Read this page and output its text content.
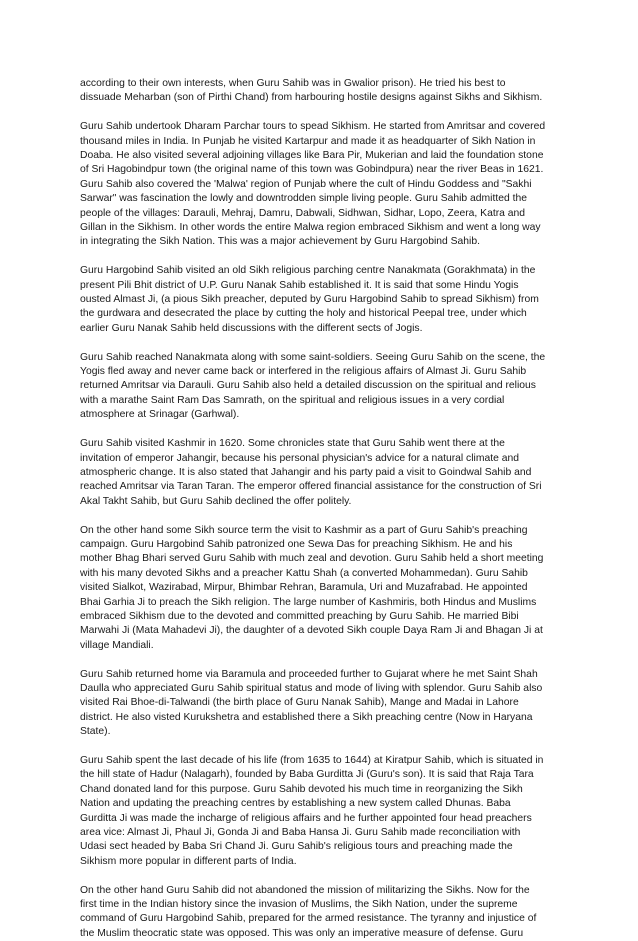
according to their own interests, when Guru Sahib was in Gwalior prison). He tried his best to
dissuade Meharban (son of Pirthi Chand) from harbouring hostile designs against Sikhs and Sikhism.

Guru Sahib undertook Dharam Parchar tours to spead Sikhism. He started from Amritsar and covered
thousand miles in India. In Punjab he visited Kartarpur and made it as headquarter of Sikh Nation in
Doaba. He also visited several adjoining villages like Bara Pir, Mukerian and laid the foundation stone
of Sri Hagobindpur town (the original name of this town was Gobindpura) near the river Beas in 1621.
Guru Sahib also covered the 'Malwa' region of Punjab where the cult of Hindu Goddess and "Sakhi
Sarwar" was fascination the lowly and downtrodden simple living people. Guru Sahib admitted the
people of the villages: Darauli, Mehraj, Damru, Dabwali, Sidhwan, Sidhar, Lopo, Zeera, Katra and
Gillan in the Sikhism. In other words the entire Malwa region embraced Sikhism and went a long way
in integrating the Sikh Nation. This was a major achievement by Guru Hargobind Sahib.

Guru Hargobind Sahib visited an old Sikh religious parching centre Nanakmata (Gorakhmata) in the
present Pili Bhit district of U.P. Guru Nanak Sahib established it. It is said that some Hindu Yogis
ousted Almast Ji, (a pious Sikh preacher, deputed by Guru Hargobind Sahib to spread Sikhism) from
the gurdwara and desecrated the place by cutting the holy and historical Peepal tree, under which
earlier Guru Nanak Sahib held discussions with the different sects of Jogis.

Guru Sahib reached Nanakmata along with some saint-soldiers. Seeing Guru Sahib on the scene, the
Yogis fled away and never came back or interfered in the religious affairs of Almast Ji. Guru Sahib
returned Amritsar via Darauli. Guru Sahib also held a detailed discussion on the spiritual and relious
with a marathe Saint Ram Das Samrath, on the spiritual and religious issues in a very cordial
atmosphere at Srinagar (Garhwal).

Guru Sahib visited Kashmir in 1620. Some chronicles state that Guru Sahib went there at the
invitation of emperor Jahangir, because his personal physician's advice for a natural climate and
atmospheric change. It is also stated that Jahangir and his party paid a visit to Goindwal Sahib and
reached Amritsar via Taran Taran. The emperor offered financial assistance for the construction of Sri
Akal Takht Sahib, but Guru Sahib declined the offer politely.

On the other hand some Sikh source term the visit to Kashmir as a part of Guru Sahib's preaching
campaign. Guru Hargobind Sahib patronized one Sewa Das for preaching Sikhism. He and his
mother Bhag Bhari served Guru Sahib with much zeal and devotion. Guru Sahib held a short meeting
with his many devoted Sikhs and a preacher Kattu Shah (a converted Mohammedan). Guru Sahib
visited Sialkot, Wazirabad, Mirpur, Bhimbar Rehran, Baramula, Uri and Muzafrabad. He appointed
Bhai Garhia Ji to preach the Sikh religion. The large number of Kashmiris, both Hindus and Muslims
embraced Sikhism due to the devoted and committed preaching by Guru Sahib. He married Bibi
Marwahi Ji (Mata Mahadevi Ji), the daughter of a devoted Sikh couple Daya Ram Ji and Bhagan Ji at
village Mandiali.

Guru Sahib returned home via Baramula and proceeded further to Gujarat where he met Saint Shah
Daulla who appreciated Guru Sahib spiritual status and mode of living with splendor. Guru Sahib also
visited Rai Bhoe-di-Talwandi (the birth place of Guru Nanak Sahib), Mange and Madai in Lahore
district. He also visted Kurukshetra and established there a Sikh preaching centre (Now in Haryana
State).

Guru Sahib spent the last decade of his life (from 1635 to 1644) at Kiratpur Sahib, which is situated in
the hill state of Hadur (Nalagarh), founded by Baba Gurditta Ji (Guru's son). It is said that Raja Tara
Chand donated land for this purpose. Guru Sahib devoted his much time in reorganizing the Sikh
Nation and updating the preaching centres by establishing a new system called Dhunas. Baba
Gurditta Ji was made the incharge of religious affairs and he further appointed four head preachers
area vice: Almast Ji, Phaul Ji, Gonda Ji and Baba Hansa Ji. Guru Sahib made reconciliation with
Udasi sect headed by Baba Sri Chand Ji. Guru Sahib's religious tours and preaching made the
Sikhism more popular in different parts of India.

On the other hand Guru Sahib did not abandoned the mission of militarizing the Sikhs. Now for the
first time in the Indian history since the invasion of Muslims, the Sikh Nation, under the supreme
command of Guru Hargobind Sahib, prepared for the armed resistance. The tyranny and injustice of
the Muslim theocratic state was opposed. This was only an imperative measure of defense. Guru
